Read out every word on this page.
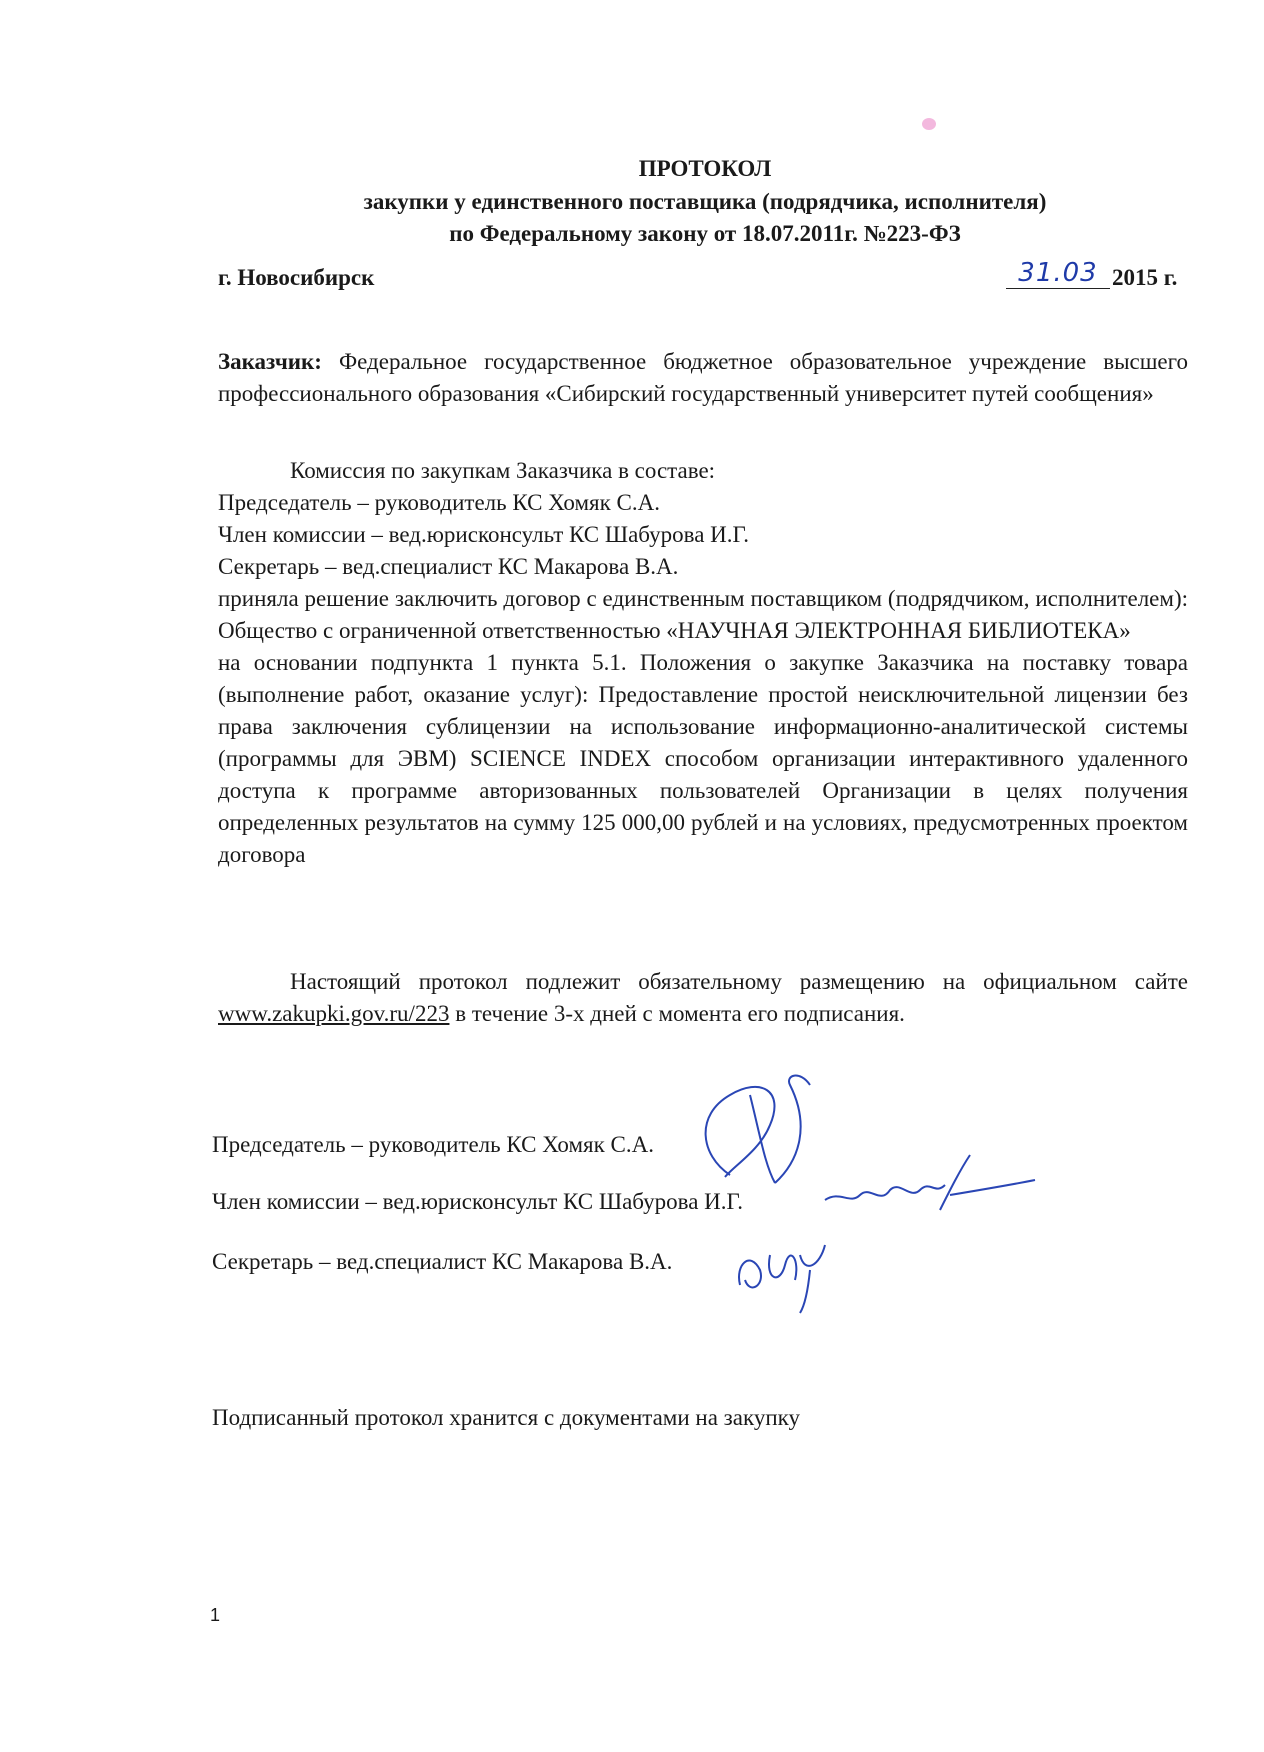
ПРОТОКОЛ
закупки у единственного поставщика (подрядчика, исполнителя)
по Федеральному закону от 18.07.2011г. №223-ФЗ
г. Новосибирск	31.03 2015 г.
Заказчик: Федеральное государственное бюджетное образовательное учреждение высшего профессионального образования «Сибирский государственный университет путей сообщения»
Комиссия по закупкам Заказчика в составе:
Председатель – руководитель КС Хомяк С.А.
Член комиссии – вед.юрисконсульт КС Шабурова И.Г.
Секретарь – вед.специалист КС Макарова В.А.
приняла решение заключить договор с единственным поставщиком (подрядчиком, исполнителем): Общество с ограниченной ответственностью «НАУЧНАЯ ЭЛЕКТРОННАЯ БИБЛИОТЕКА»
на основании подпункта 1 пункта 5.1. Положения о закупке Заказчика на поставку товара (выполнение работ, оказание услуг): Предоставление простой неисключительной лицензии без права заключения сублицензии на использование информационно-аналитической системы (программы для ЭВМ) SCIENCE INDEX способом организации интерактивного удаленного доступа к программе авторизованных пользователей Организации в целях получения определенных результатов на сумму 125 000,00 рублей и на условиях, предусмотренных проектом договора
Настоящий протокол подлежит обязательному размещению на официальном сайте www.zakupki.gov.ru/223 в течение 3-х дней с момента его подписания.
Председатель – руководитель КС Хомяк С.А.
Член комиссии – вед.юрисконсульт КС Шабурова И.Г.
Секретарь – вед.специалист КС Макарова В.А.
Подписанный протокол хранится с документами на закупку
1
